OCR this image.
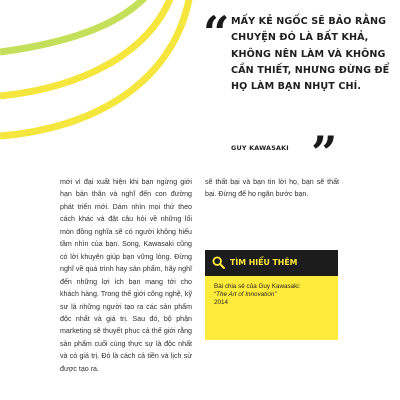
“ MẤY KẺ NGỐC SẼ BẢO RẰNG CHUYỆN ĐÓ LÀ BẤT KHẢ, KHÔNG NÊN LÀM VÀ KHÔNG CẦN THIẾT, NHƯNG ĐỪNG ĐỂ HỌ LÀM BẠN NHỤT CHÍ.

GUY KAWASAKI ”

mới vì đại xuất hiện khi bạn ngừng giới hạn bản thân và nghĩ đến con đường phát triển mới. Dám nhìn mọi thứ theo cách khác và đặt câu hỏi về những lối mòn đồng nghĩa sẽ có người không hiểu tầm nhìn của bạn. Song, Kawasaki cũng có lời khuyên giúp bạn vững lòng. Đừng nghĩ về quá trình hay sản phẩm, hãy nghĩ đến những lợi ích bạn mang tới cho khách hàng. Trong thế giới công nghệ, kỹ sư là những người tạo ra các sản phẩm độc nhất và giá trị. Sau đó, bộ phận marketing sẽ thuyết phục cả thế giới rằng sản phẩm cuối cùng thực sự là độc nhất và có giá trị. Đó là cách cả tiền và lịch sử được tạo ra.

sẽ thất bại và bạn tin lời họ, bạn sẽ thất bại. Đừng để họ ngăn bước bạn.

TÌM HIỂU THÊM

Bài chia sẻ của Guy Kawasaki:
“The Art of Innovation”
2014
